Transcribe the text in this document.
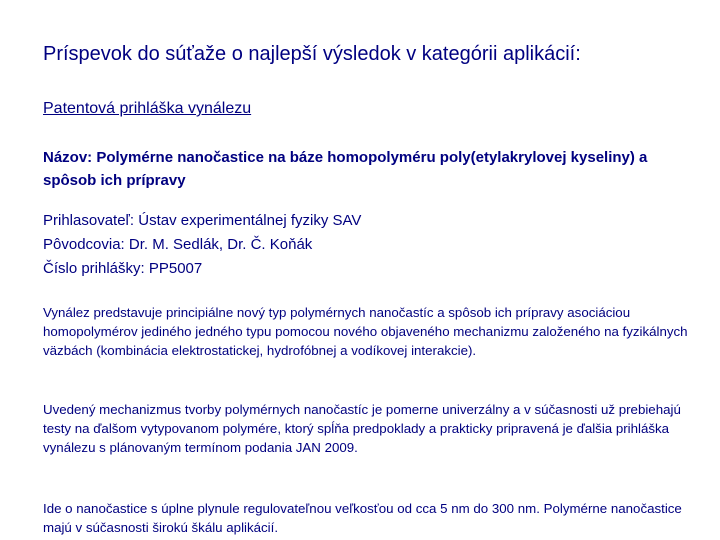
Príspevok do súťaže o najlepší výsledok v kategórii aplikácií:
Patentová prihláška vynálezu
Názov: Polymérne nanočastice na báze homopolyméru poly(etylakrylovej kyseliny) a spôsob ich prípravy
Prihlasovateľ: Ústav experimentálnej fyziky SAV
Pôvodcovia: Dr. M. Sedlák, Dr. Č. Koňák
Číslo prihlášky: PP5007
Vynález predstavuje principiálne nový typ polymérnych nanočastíc a spôsob ich prípravy asociáciou homopolymérov jediného jedného typu pomocou nového objaveného mechanizmu založeného na fyzikálnych väzbách (kombinácia elektrostatickej, hydrofóbnej a vodíkovej interakcie).
Uvedený mechanizmus tvorby polymérnych nanočastíc je pomerne univerzálny a v súčasnosti už prebiehajú testy na ďalšom vytypovanom polymére, ktorý spĺňa predpoklady a prakticky pripravená je ďalšia prihláška vynálezu s plánovaným termínom podania JAN 2009.
Ide o nanočastice s úplne plynule regulovateľnou veľkosťou od cca 5 nm do 300 nm. Polymérne nanočastice majú v súčasnosti širokú škálu aplikácií.
